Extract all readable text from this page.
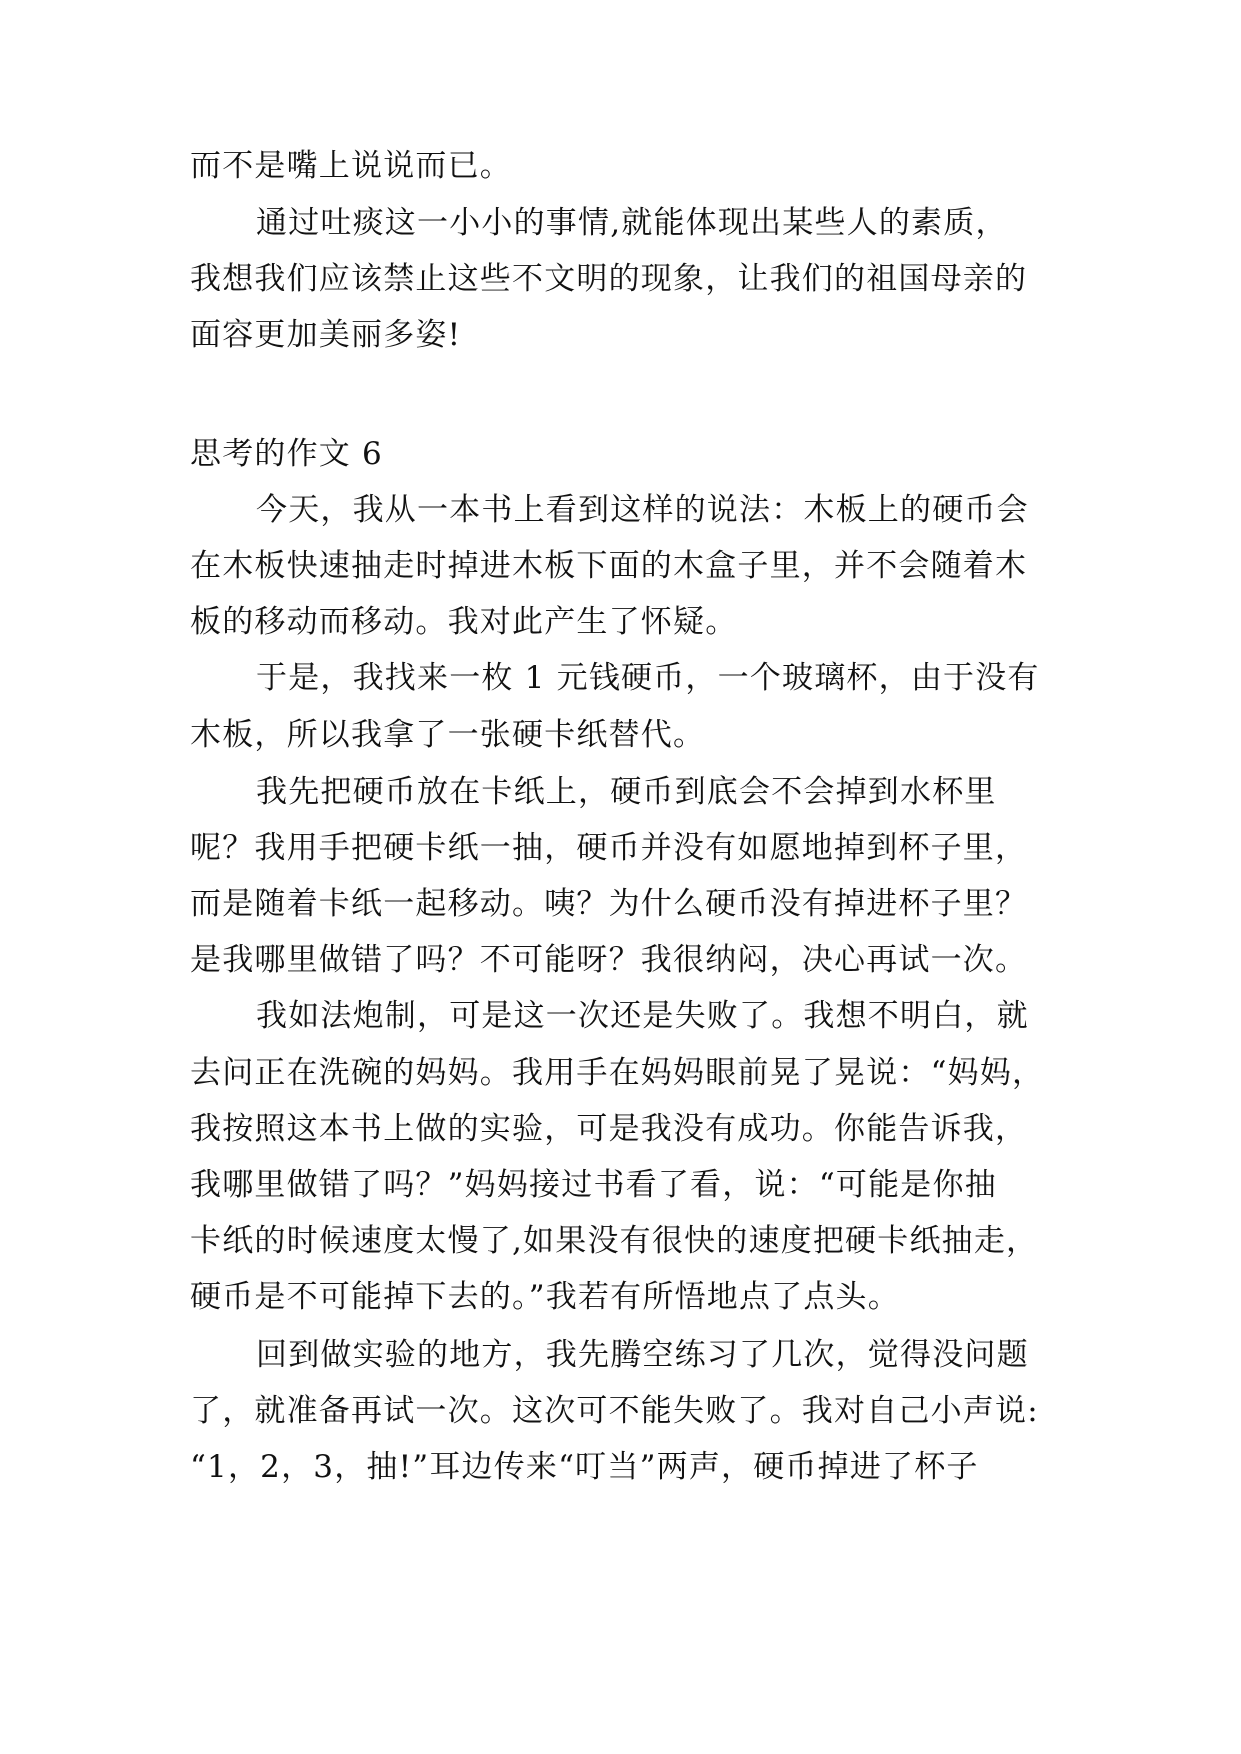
而不是嘴上说说而已。
通过吐痰这一小小的事情,就能体现出某些人的素质，
我想我们应该禁止这些不文明的现象，让我们的祖国母亲的
面容更加美丽多姿!
思考的作文 6
今天，我从一本书上看到这样的说法：木板上的硬币会
在木板快速抽走时掉进木板下面的木盒子里，并不会随着木
板的移动而移动。我对此产生了怀疑。
于是，我找来一枚 1 元钱硬币，一个玻璃杯，由于没有
木板，所以我拿了一张硬卡纸替代。
我先把硬币放在卡纸上，硬币到底会不会掉到水杯里
呢？我用手把硬卡纸一抽，硬币并没有如愿地掉到杯子里，
而是随着卡纸一起移动。咦？为什么硬币没有掉进杯子里？
是我哪里做错了吗？不可能呀？我很纳闷，决心再试一次。
我如法炮制，可是这一次还是失败了。我想不明白，就
去问正在洗碗的妈妈。我用手在妈妈眼前晃了晃说：“妈妈，
我按照这本书上做的实验，可是我没有成功。你能告诉我，
我哪里做错了吗？”妈妈接过书看了看，说：“可能是你抽
卡纸的时候速度太慢了,如果没有很快的速度把硬卡纸抽走，
硬币是不可能掉下去的。”我若有所悟地点了点头。
回到做实验的地方，我先腾空练习了几次，觉得没问题
了，就准备再试一次。这次可不能失败了。我对自己小声说:
“1，2，3，抽!”耳边传来“叮当”两声，硬币掉进了杯子
